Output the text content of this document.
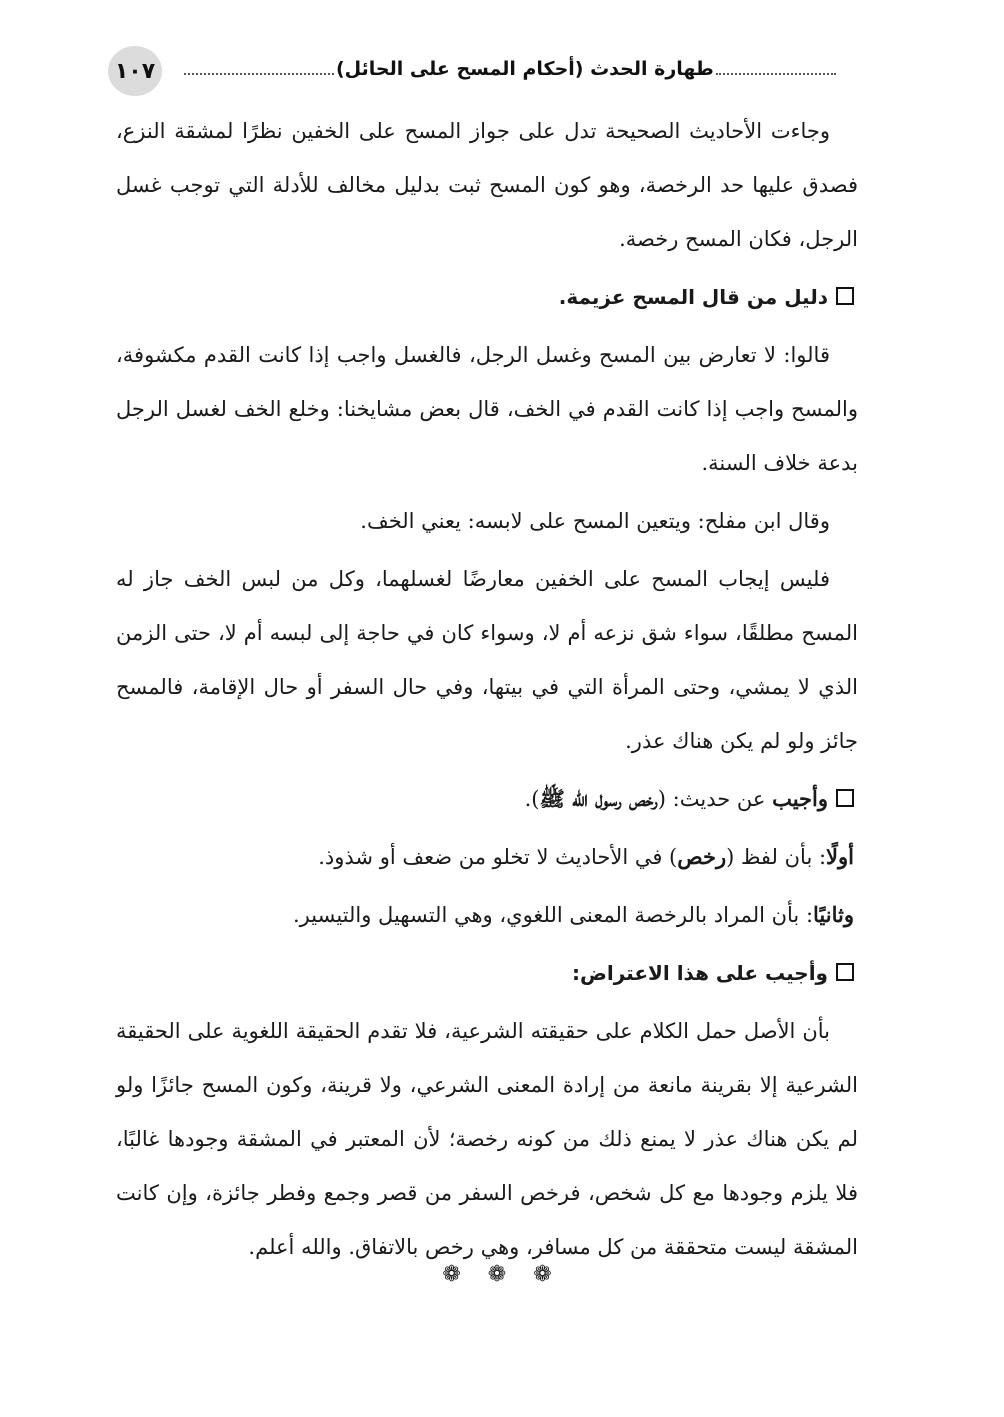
١٠٧	طهارة الحدث (أحكام المسح على الحائل)

وجاءت الأحاديث الصحيحة تدل على جواز المسح على الخفين نظرًا لمشقة النزع، فصدق عليها حد الرخصة، وهو كون المسح ثبت بدليل مخالف للأدلة التي توجب غسل الرجل، فكان المسح رخصة.

دليل من قال المسح عزيمة.

قالوا: لا تعارض بين المسح وغسل الرجل، فالغسل واجب إذا كانت القدم مكشوفة، والمسح واجب إذا كانت القدم في الخف، قال بعض مشايخنا: وخلع الخف لغسل الرجل بدعة خلاف السنة.

وقال ابن مفلح: ويتعين المسح على لابسه: يعني الخف.

فليس إيجاب المسح على الخفين معارضًا لغسلهما، وكل من لبس الخف جاز له المسح مطلقًا، سواء شق نزعه أم لا، وسواء كان في حاجة إلى لبسه أم لا، حتى الزمن الذي لا يمشي، وحتى المرأة التي في بيتها، وفي حال السفر أو حال الإقامة، فالمسح جائز ولو لم يكن هناك عذر.

وأجيب عن حديث: (رخص رسول الله ﷺ).

أولًا: بأن لفظ (رخص) في الأحاديث لا تخلو من ضعف أو شذوذ.

وثانيًا: بأن المراد بالرخصة المعنى اللغوي، وهي التسهيل والتيسير.

وأجيب على هذا الاعتراض:

بأن الأصل حمل الكلام على حقيقته الشرعية، فلا تقدم الحقيقة اللغوية على الحقيقة الشرعية إلا بقرينة مانعة من إرادة المعنى الشرعي، ولا قرينة، وكون المسح جائزًا ولو لم يكن هناك عذر لا يمنع ذلك من كونه رخصة؛ لأن المعتبر في المشقة وجودها غالبًا، فلا يلزم وجودها مع كل شخص، فرخص السفر من قصر وجمع وفطر جائزة، وإن كانت المشقة ليست متحققة من كل مسافر، وهي رخص بالاتفاق. والله أعلم.

❁ ❁ ❁
